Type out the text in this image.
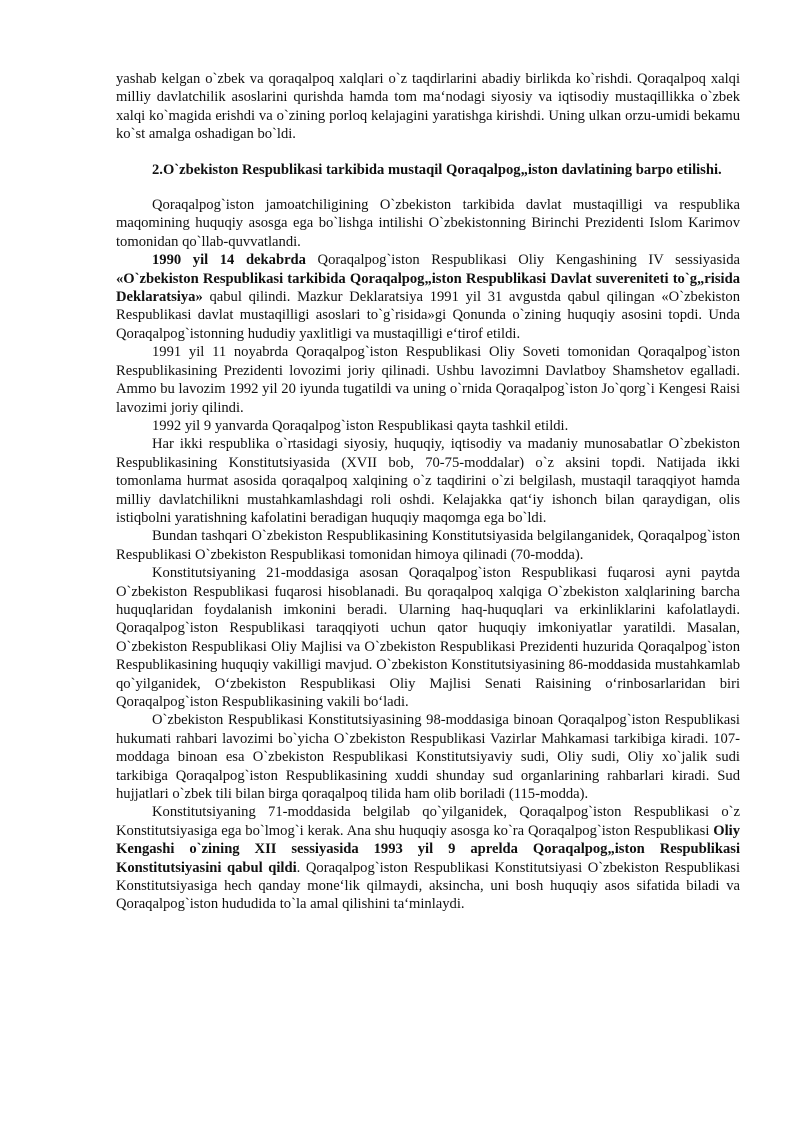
yashab kelgan o`zbek va qoraqalpoq xalqlari o`z taqdirlarini abadiy birlikda ko`rishdi. Qoraqalpoq xalqi milliy davlatchilik asoslarini qurishda hamda tom ma‘nodagi siyosiy va iqtisodiy mustaqillikka o`zbek xalqi ko`magida erishdi va o`zining porloq kelajagini yaratishga kirishdi. Uning ulkan orzu-umidi bekamu ko`st amalga oshadigan bo`ldi.

2.O`zbekiston Respublikasi tarkibida mustaqil Qoraqalpog„iston davlatining barpo etilishi.

Qoraqalpog`iston jamoatchiligining O`zbekiston tarkibida davlat mustaqilligi va respublika maqomining huquqiy asosga ega bo`lishga intilishi O`zbekistonning Birinchi Prezidenti Islom Karimov tomonidan qo`llab-quvvatlandi.

1990 yil 14 dekabrda Qoraqalpog`iston Respublikasi Oliy Kengashining IV sessiyasida «O`zbekiston Respublikasi tarkibida Qoraqalpog„iston Respublikasi Davlat suvereniteti to`g„risida Deklaratsiya» qabul qilindi. Mazkur Deklaratsiya 1991 yil 31 avgustda qabul qilingan «O`zbekiston Respublikasi davlat mustaqilligi asoslari to`g`risida»gi Qonunda o`zining huquqiy asosini topdi. Unda Qoraqalpog`istonning hududiy yaxlitligi va mustaqilligi e‘tirof etildi.

1991 yil 11 noyabrda Qoraqalpog`iston Respublikasi Oliy Soveti tomonidan Qoraqalpog`iston Respublikasining Prezidenti lovozimi joriy qilinadi. Ushbu lavozimni Davlatboy Shamshetov egalladi. Ammo bu lavozim 1992 yil 20 iyunda tugatildi va uning o`rnida Qoraqalpog`iston Jo`qorg`i Kengesi Raisi lavozimi joriy qilindi.

1992 yil 9 yanvarda Qoraqalpog`iston Respublikasi qayta tashkil etildi.

Har ikki respublika o`rtasidagi siyosiy, huquqiy, iqtisodiy va madaniy munosabatlar O`zbekiston Respublikasining Konstitutsiyasida (XVII bob, 70-75-moddalar) o`z aksini topdi. Natijada ikki tomonlama hurmat asosida qoraqalpoq xalqining o`z taqdirini o`zi belgilash, mustaqil taraqqiyot hamda milliy davlatchilikni mustahkamlashdagi roli oshdi. Kelajakka qat‘iy ishonch bilan qaraydigan, olis istiqbolni yaratishning kafolatini beradigan huquqiy maqomga ega bo`ldi.

Bundan tashqari O`zbekiston Respublikasining Konstitutsiyasida belgilanganidek, Qoraqalpog`iston Respublikasi O`zbekiston Respublikasi tomonidan himoya qilinadi (70-modda).

Konstitutsiyaning 21-moddasiga asosan Qoraqalpog`iston Respublikasi fuqarosi ayni paytda O`zbekiston Respublikasi fuqarosi hisoblanadi. Bu qoraqalpoq xalqiga O`zbekiston xalqlarining barcha huquqlaridan foydalanish imkonini beradi. Ularning haq-huquqlari va erkinliklarini kafolatlaydi. Qoraqalpog`iston Respublikasi taraqqiyoti uchun qator huquqiy imkoniyatlar yaratildi. Masalan, O`zbekiston Respublikasi Oliy Majlisi va O`zbekiston Respublikasi Prezidenti huzurida Qoraqalpog`iston Respublikasining huquqiy vakilligi mavjud. O`zbekiston Konstitutsiyasining 86-moddasida mustahkamlab qo`yilganidek, O‘zbekiston Respublikasi Oliy Majlisi Senati Raisining o‘rinbosarlaridan biri Qoraqalpog`iston Respublikasining vakili bo‘ladi.

O`zbekiston Respublikasi Konstitutsiyasining 98-moddasiga binoan Qoraqalpog`iston Respublikasi hukumati rahbari lavozimi bo`yicha O`zbekiston Respublikasi Vazirlar Mahkamasi tarkibiga kiradi. 107-moddaga binoan esa O`zbekiston Respublikasi Konstitutsiyaviy sudi, Oliy sudi, Oliy xo`jalik sudi tarkibiga Qoraqalpog`iston Respublikasining xuddi shunday sud organlarining rahbarlari kiradi. Sud hujjatlari o`zbek tili bilan birga qoraqalpoq tilida ham olib boriladi (115-modda).

Konstitutsiyaning 71-moddasida belgilab qo`yilganidek, Qoraqalpog`iston Respublikasi o`z Konstitutsiyasiga ega bo`lmog`i kerak. Ana shu huquqiy asosga ko`ra Qoraqalpog`iston Respublikasi Oliy Kengashi o`zining XII sessiyasida 1993 yil 9 aprelda Qoraqalpog„iston Respublikasi Konstitutsiyasini qabul qildi. Qoraqalpog`iston Respublikasi Konstitutsiyasi O`zbekiston Respublikasi Konstitutsiyasiga hech qanday mone‘lik qilmaydi, aksincha, uni bosh huquqiy asos sifatida biladi va Qoraqalpog`iston hududida to`la amal qilishini ta‘minlaydi.
